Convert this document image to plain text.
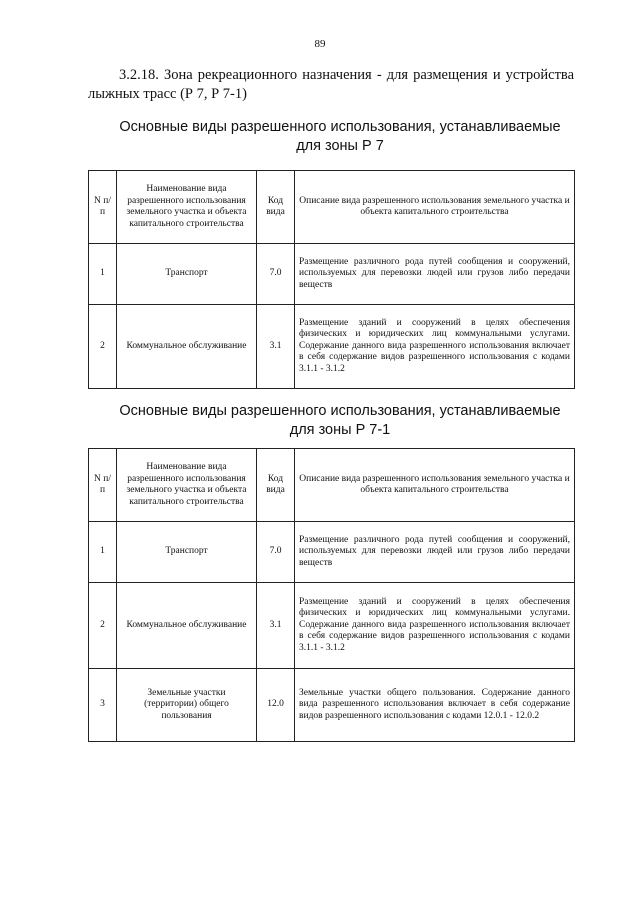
89
3.2.18. Зона рекреационного назначения - для размещения и устройства лыжных трасс (Р 7, Р 7-1)
Основные виды разрешенного использования, устанавливаемые
для зоны Р 7
N п/п	Наименование вида разрешенного использования земельного участка и объекта капитального строительства	Код вида	Описание вида разрешенного использования земельного участка и объекта капитального строительства
1	Транспорт	7.0	Размещение различного рода путей сообщения и сооружений, используемых для перевозки людей или грузов либо передачи веществ
2	Коммунальное обслуживание	3.1	Размещение зданий и сооружений в целях обеспечения физических и юридических лиц коммунальными услугами. Содержание данного вида разрешенного использования включает в себя содержание видов разрешенного использования с кодами 3.1.1 - 3.1.2
Основные виды разрешенного использования, устанавливаемые
для зоны Р 7-1
N п/п	Наименование вида разрешенного использования земельного участка и объекта капитального строительства	Код вида	Описание вида разрешенного использования земельного участка и объекта капитального строительства
1	Транспорт	7.0	Размещение различного рода путей сообщения и сооружений, используемых для перевозки людей или грузов либо передачи веществ
2	Коммунальное обслуживание	3.1	Размещение зданий и сооружений в целях обеспечения физических и юридических лиц коммунальными услугами. Содержание данного вида разрешенного использования включает в себя содержание видов разрешенного использования с кодами 3.1.1 - 3.1.2
3	Земельные участки (территории) общего пользования	12.0	Земельные участки общего пользования. Содержание данного вида разрешенного использования включает в себя содержание видов разрешенного использования с кодами 12.0.1 - 12.0.2
